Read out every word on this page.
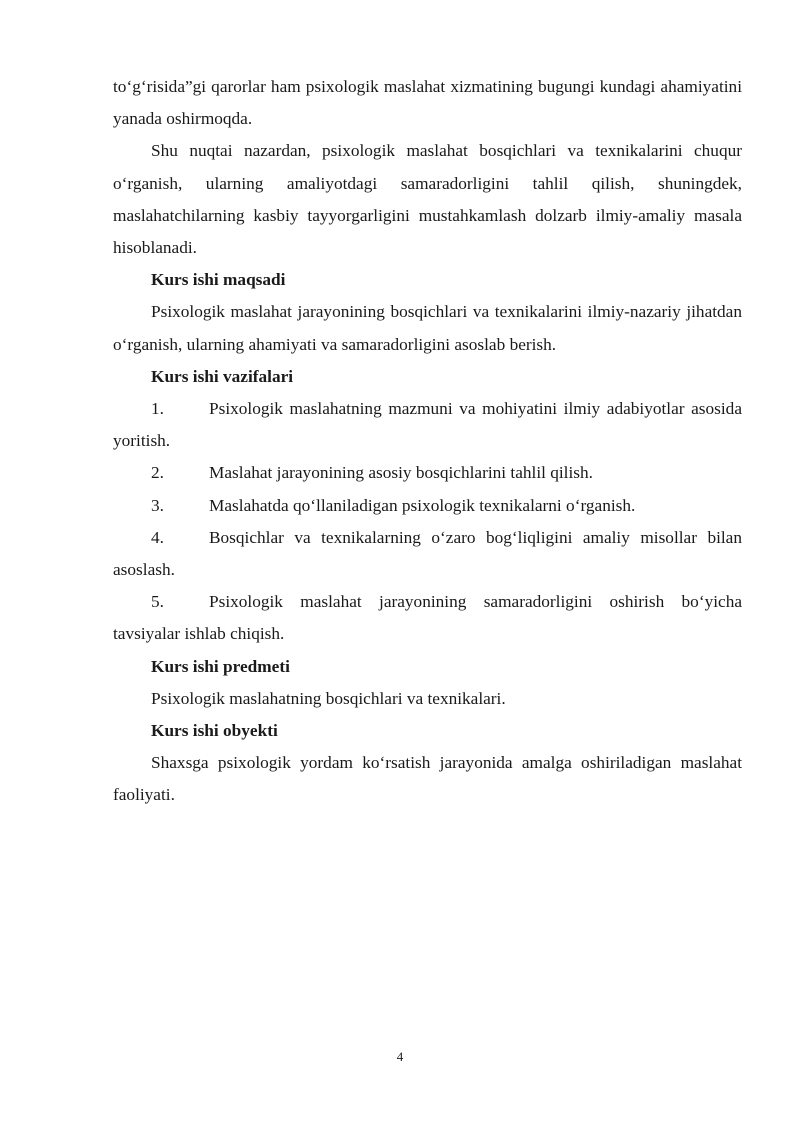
to‘g‘risida”gi qarorlar ham psixologik maslahat xizmatining bugungi kundagi ahamiyatini yanada oshirmoqda.

Shu nuqtai nazardan, psixologik maslahat bosqichlari va texnikalarini chuqur o‘rganish, ularning amaliyotdagi samaradorligini tahlil qilish, shuningdek, maslahatchilarning kasbiy tayyorgarligini mustahkamlash dolzarb ilmiy-amaliy masala hisoblanadi.

Kurs ishi maqsadi

Psixologik maslahat jarayonining bosqichlari va texnikalarini ilmiy-nazariy jihatdan o‘rganish, ularning ahamiyati va samaradorligini asoslab berish.

Kurs ishi vazifalari

1.	Psixologik maslahatning mazmuni va mohiyatini ilmiy adabiyotlar asosida yoritish.

2.	Maslahat jarayonining asosiy bosqichlarini tahlil qilish.

3.	Maslahatda qo‘llaniladigan psixologik texnikalarni o‘rganish.

4.	Bosqichlar va texnikalarning o‘zaro bog‘liqligini amaliy misollar bilan asoslash.

5.	Psixologik maslahat jarayonining samaradorligini oshirish bo‘yicha tavsiyalar ishlab chiqish.

Kurs ishi predmeti

Psixologik maslahatning bosqichlari va texnikalari.

Kurs ishi obyekti

Shaxsga psixologik yordam ko‘rsatish jarayonida amalga oshiriladigan maslahat faoliyati.

4
